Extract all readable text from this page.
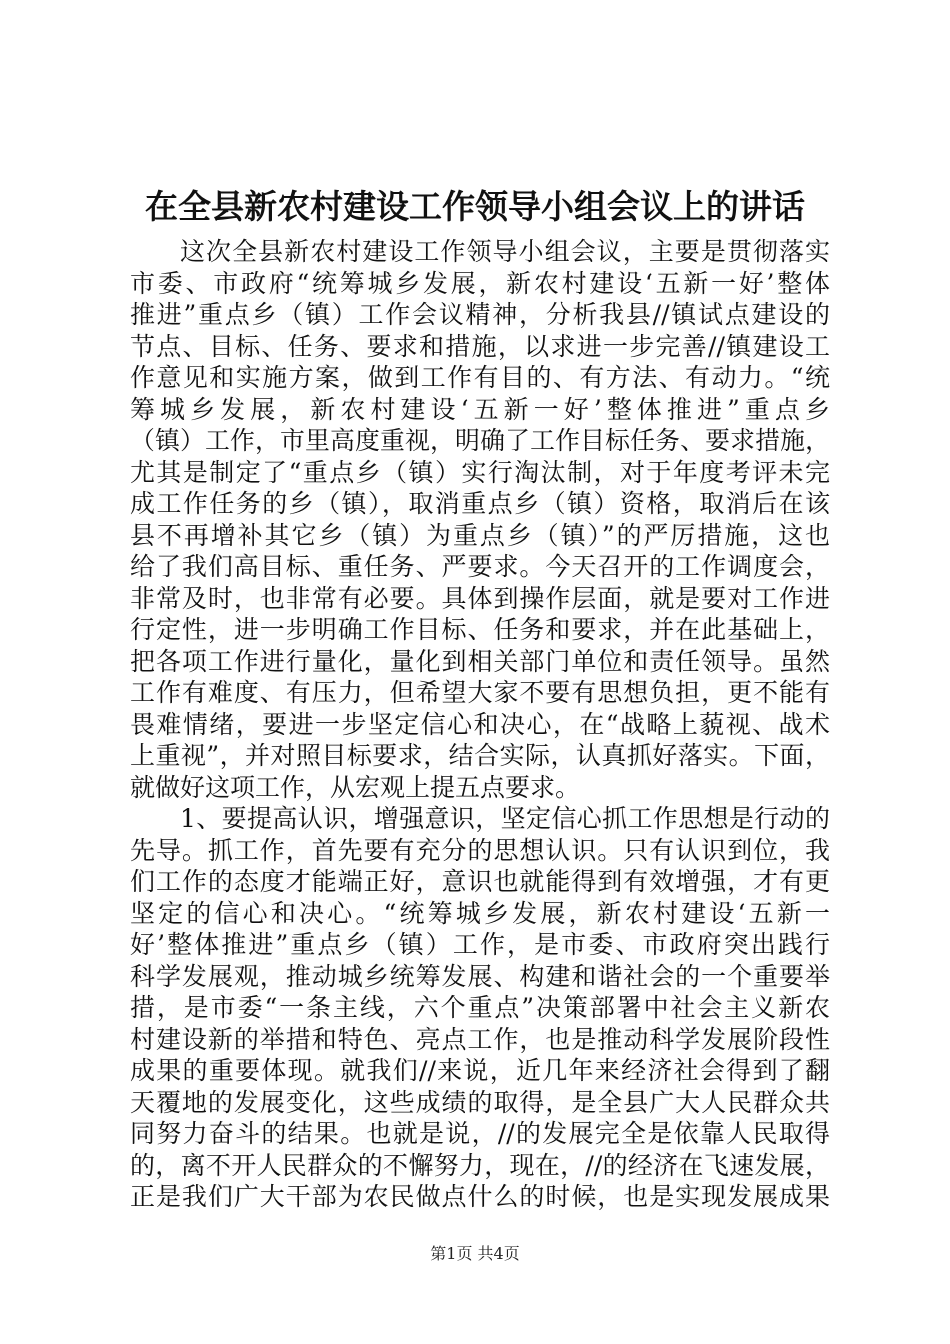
在全县新农村建设工作领导小组会议上的讲话
这次全县新农村建设工作领导小组会议，主要是贯彻落实
市委、市政府“统筹城乡发展，新农村建设‘五新一好’整体
推进”重点乡（镇）工作会议精神，分析我县//镇试点建设的
节点、目标、任务、要求和措施，以求进一步完善//镇建设工
作意见和实施方案，做到工作有目的、有方法、有动力。“统
筹城乡发展，新农村建设‘五新一好’整体推进”重点乡
（镇）工作，市里高度重视，明确了工作目标任务、要求措施，
尤其是制定了“重点乡（镇）实行淘汰制，对于年度考评未完
成工作任务的乡（镇），取消重点乡（镇）资格，取消后在该
县不再增补其它乡（镇）为重点乡（镇）”的严厉措施，这也
给了我们高目标、重任务、严要求。今天召开的工作调度会，
非常及时，也非常有必要。具体到操作层面，就是要对工作进
行定性，进一步明确工作目标、任务和要求，并在此基础上，
把各项工作进行量化，量化到相关部门单位和责任领导。虽然
工作有难度、有压力，但希望大家不要有思想负担，更不能有
畏难情绪，要进一步坚定信心和决心，在“战略上藐视、战术
上重视”，并对照目标要求，结合实际，认真抓好落实。下面，
就做好这项工作，从宏观上提五点要求。
1、要提高认识，增强意识，坚定信心抓工作思想是行动的
先导。抓工作，首先要有充分的思想认识。只有认识到位，我
们工作的态度才能端正好，意识也就能得到有效增强，才有更
坚定的信心和决心。“统筹城乡发展，新农村建设‘五新一
好’整体推进”重点乡（镇）工作，是市委、市政府突出践行
科学发展观，推动城乡统筹发展、构建和谐社会的一个重要举
措，是市委“一条主线，六个重点”决策部署中社会主义新农
村建设新的举措和特色、亮点工作，也是推动科学发展阶段性
成果的重要体现。就我们//来说，近几年来经济社会得到了翻
天覆地的发展变化，这些成绩的取得，是全县广大人民群众共
同努力奋斗的结果。也就是说，//的发展完全是依靠人民取得
的，离不开人民群众的不懈努力，现在，//的经济在飞速发展，
正是我们广大干部为农民做点什么的时候，也是实现发展成果
第1页 共4页
